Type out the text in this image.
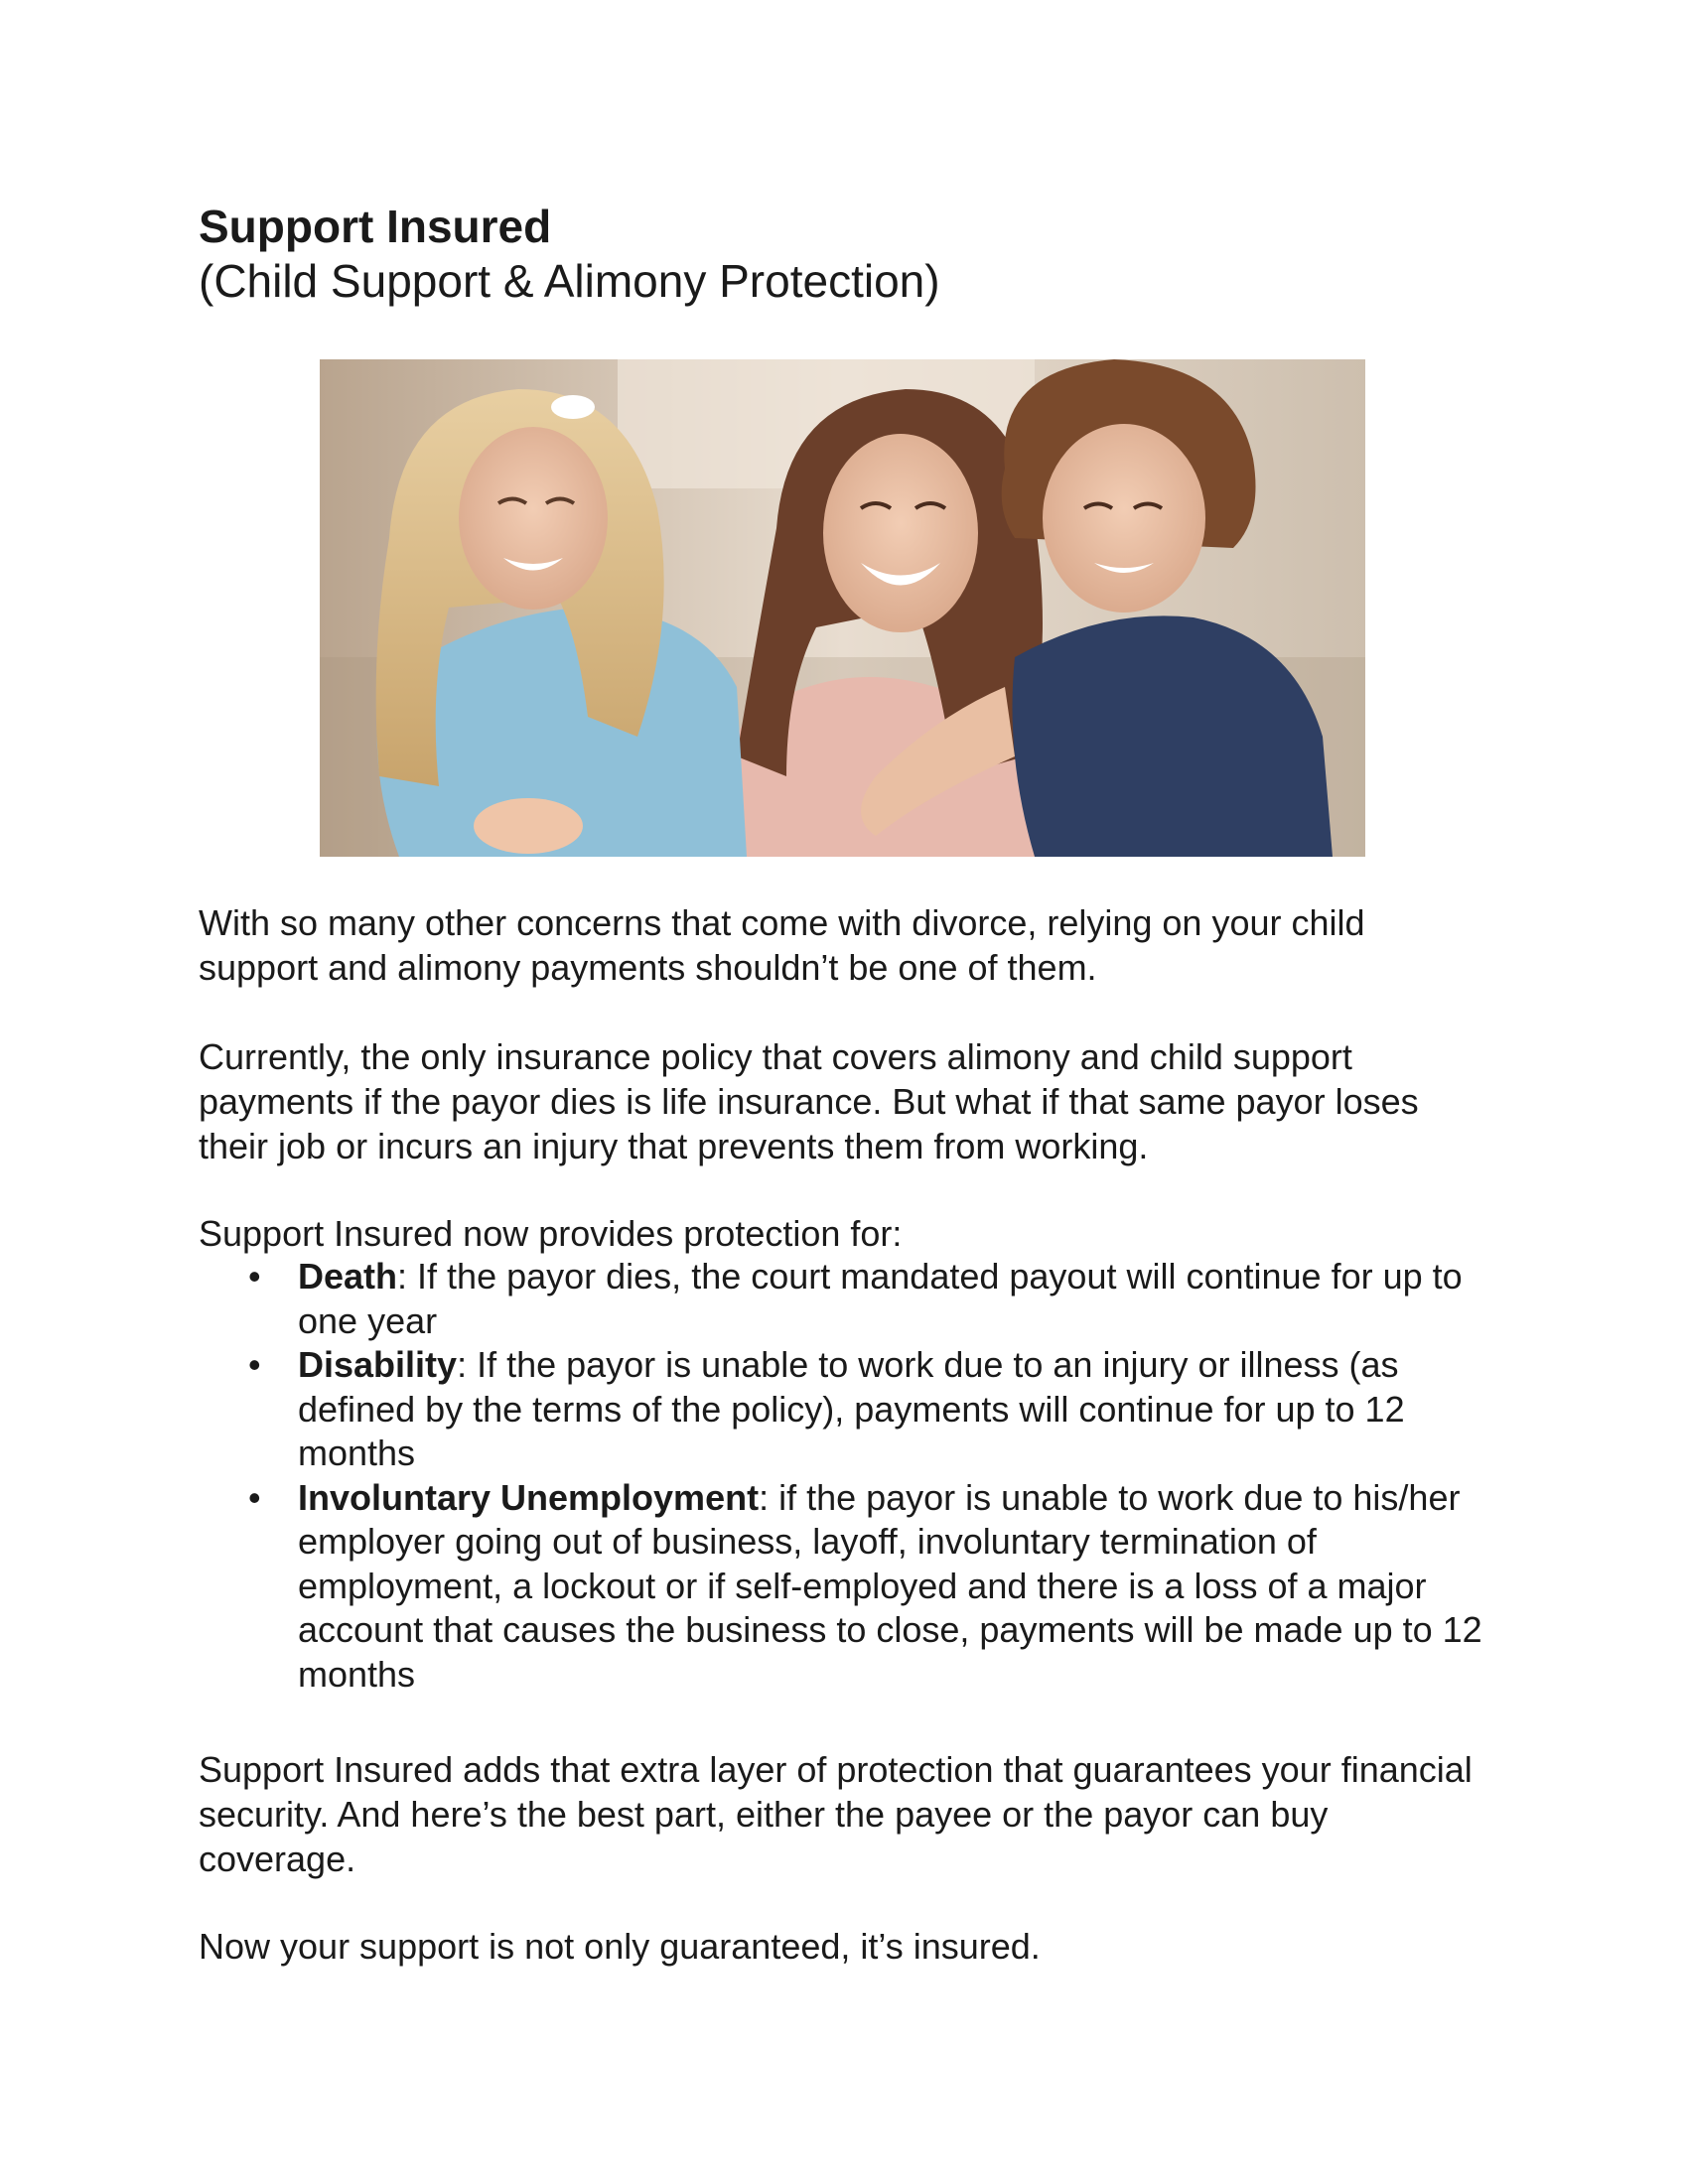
Support Insured
(Child Support & Alimony Protection)

With so many other concerns that come with divorce, relying on your child support and alimony payments shouldn’t be one of them.

Currently, the only insurance policy that covers alimony and child support payments if the payor dies is life insurance. But what if that same payor loses their job or incurs an injury that prevents them from working.

Support Insured now provides protection for:

• Death: If the payor dies, the court mandated payout will continue for up to one year
• Disability: If the payor is unable to work due to an injury or illness (as defined by the terms of the policy), payments will continue for up to 12 months
• Involuntary Unemployment: if the payor is unable to work due to his/her employer going out of business, layoff, involuntary termination of employment, a lockout or if self-employed and there is a loss of a major account that causes the business to close, payments will be made up to 12 months

Support Insured adds that extra layer of protection that guarantees your financial security. And here’s the best part, either the payee or the payor can buy coverage.

Now your support is not only guaranteed, it’s insured.
